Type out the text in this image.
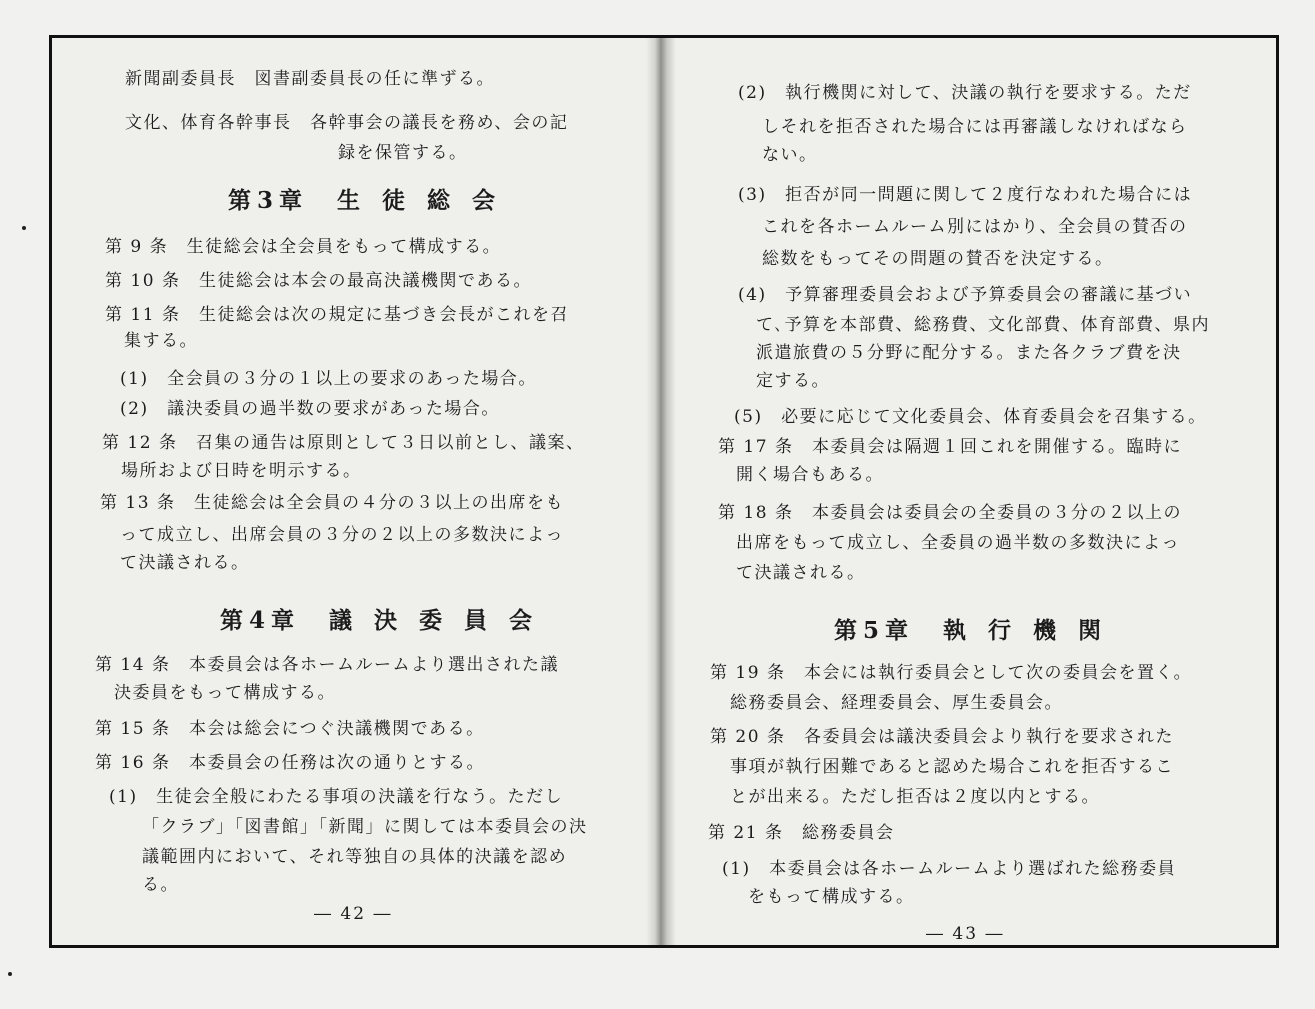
新聞副委員長　図書副委員長の任に準ずる。
文化、体育各幹事長　各幹事会の議長を務め、会の記
録を保管する。
第3章　 生徒総会
第 9 条　生徒総会は全会員をもって構成する。
第 10 条　生徒総会は本会の最高決議機関である。
第 11 条　生徒総会は次の規定に基づき会長がこれを召
集する。
(1)　全会員の３分の１以上の要求のあった場合。
(2)　議決委員の過半数の要求があった場合。
第 12 条　召集の通告は原則として３日以前とし、議案、
場所および日時を明示する。
第 13 条　生徒総会は全会員の４分の３以上の出席をも
って成立し、出席会員の３分の２以上の多数決によっ
て決議される。
第4章　 議決委員会
第 14 条　本委員会は各ホームルームより選出された議
決委員をもって構成する。
第 15 条　本会は総会につぐ決議機関である。
第 16 条　本委員会の任務は次の通りとする。
(1)　生徒会全般にわたる事項の決議を行なう。ただし
「クラブ」「図書館」「新聞」に関しては本委員会の決
議範囲内において、それ等独自の具体的決議を認め
る。
― 42 ―
(2)　執行機関に対して、決議の執行を要求する。ただ
しそれを拒否された場合には再審議しなければなら
ない。
(3)　拒否が同一問題に関して２度行なわれた場合には
これを各ホームルーム別にはかり、全会員の賛否の
総数をもってその問題の賛否を決定する。
(4)　予算審理委員会および予算委員会の審議に基づい
て､予算を本部費、総務費、文化部費、体育部費、県内
派遣旅費の５分野に配分する。また各クラブ費を決
定する。
(5)　必要に応じて文化委員会、体育委員会を召集する。
第 17 条　本委員会は隔週１回これを開催する。臨時に
開く場合もある。
第 18 条　本委員会は委員会の全委員の３分の２以上の
出席をもって成立し、全委員の過半数の多数決によっ
て決議される。
第5章　 執行機関
第 19 条　本会には執行委員会として次の委員会を置く。
総務委員会、経理委員会、厚生委員会。
第 20 条　各委員会は議決委員会より執行を要求された
事項が執行困難であると認めた場合これを拒否するこ
とが出来る。ただし拒否は２度以内とする。
第 21 条　総務委員会
(1)　本委員会は各ホームルームより選ばれた総務委員
をもって構成する。
― 43 ―
